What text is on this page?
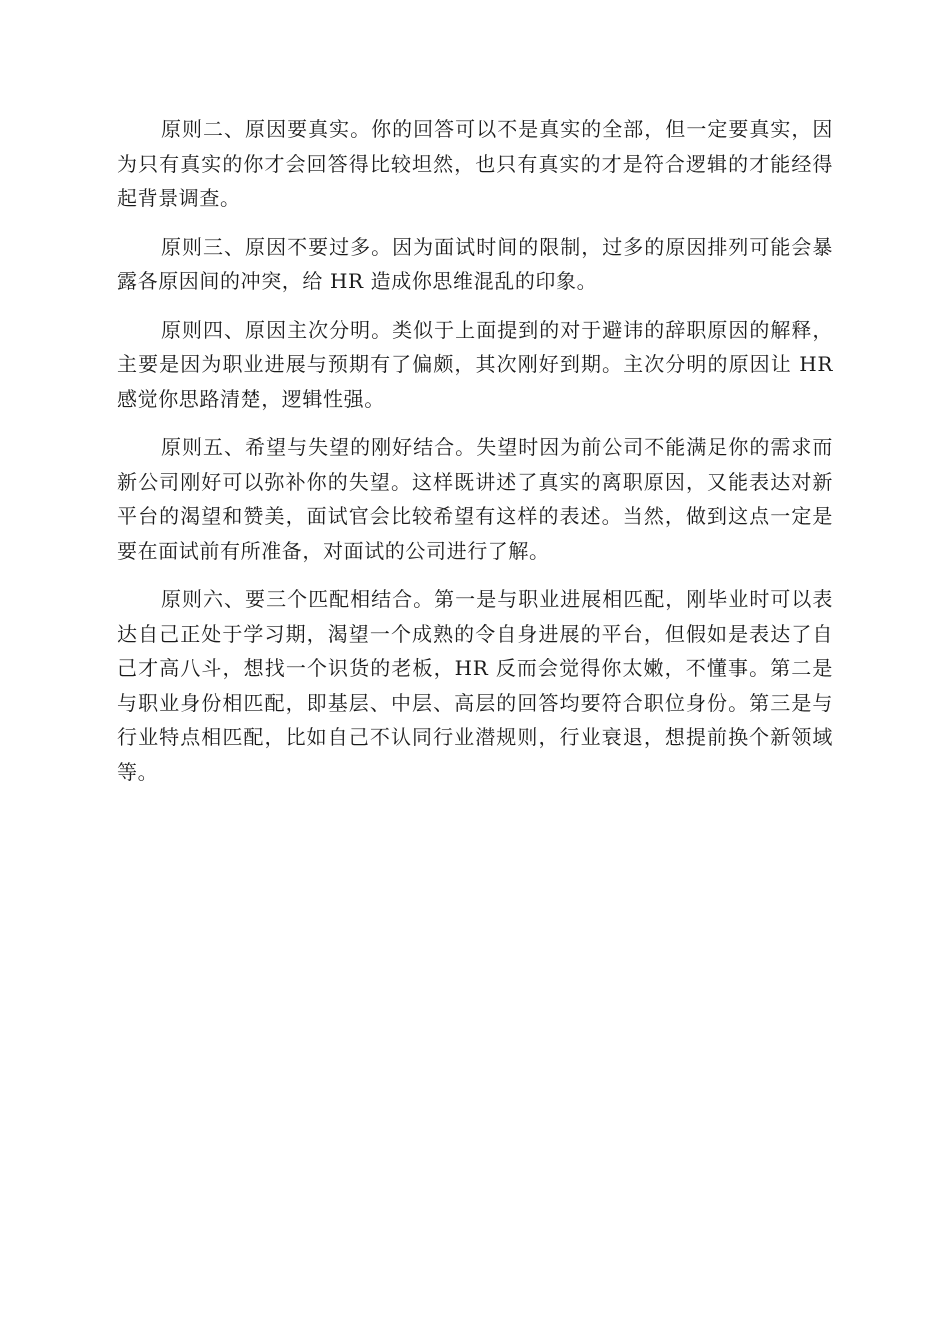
原则二、原因要真实。你的回答可以不是真实的全部，但一定要真实，因为只有真实的你才会回答得比较坦然，也只有真实的才是符合逻辑的才能经得起背景调查。

原则三、原因不要过多。因为面试时间的限制，过多的原因排列可能会暴露各原因间的冲突，给 HR 造成你思维混乱的印象。

原则四、原因主次分明。类似于上面提到的对于避讳的辞职原因的解释，主要是因为职业进展与预期有了偏颇，其次刚好到期。主次分明的原因让 HR 感觉你思路清楚，逻辑性强。

原则五、希望与失望的刚好结合。失望时因为前公司不能满足你的需求而新公司刚好可以弥补你的失望。这样既讲述了真实的离职原因，又能表达对新平台的渴望和赞美，面试官会比较希望有这样的表述。当然，做到这点一定是要在面试前有所准备，对面试的公司进行了解。

原则六、要三个匹配相结合。第一是与职业进展相匹配，刚毕业时可以表达自己正处于学习期，渴望一个成熟的令自身进展的平台，但假如是表达了自己才高八斗，想找一个识货的老板，HR 反而会觉得你太嫩，不懂事。第二是与职业身份相匹配，即基层、中层、高层的回答均要符合职位身份。第三是与行业特点相匹配，比如自己不认同行业潜规则，行业衰退，想提前换个新领域等。
